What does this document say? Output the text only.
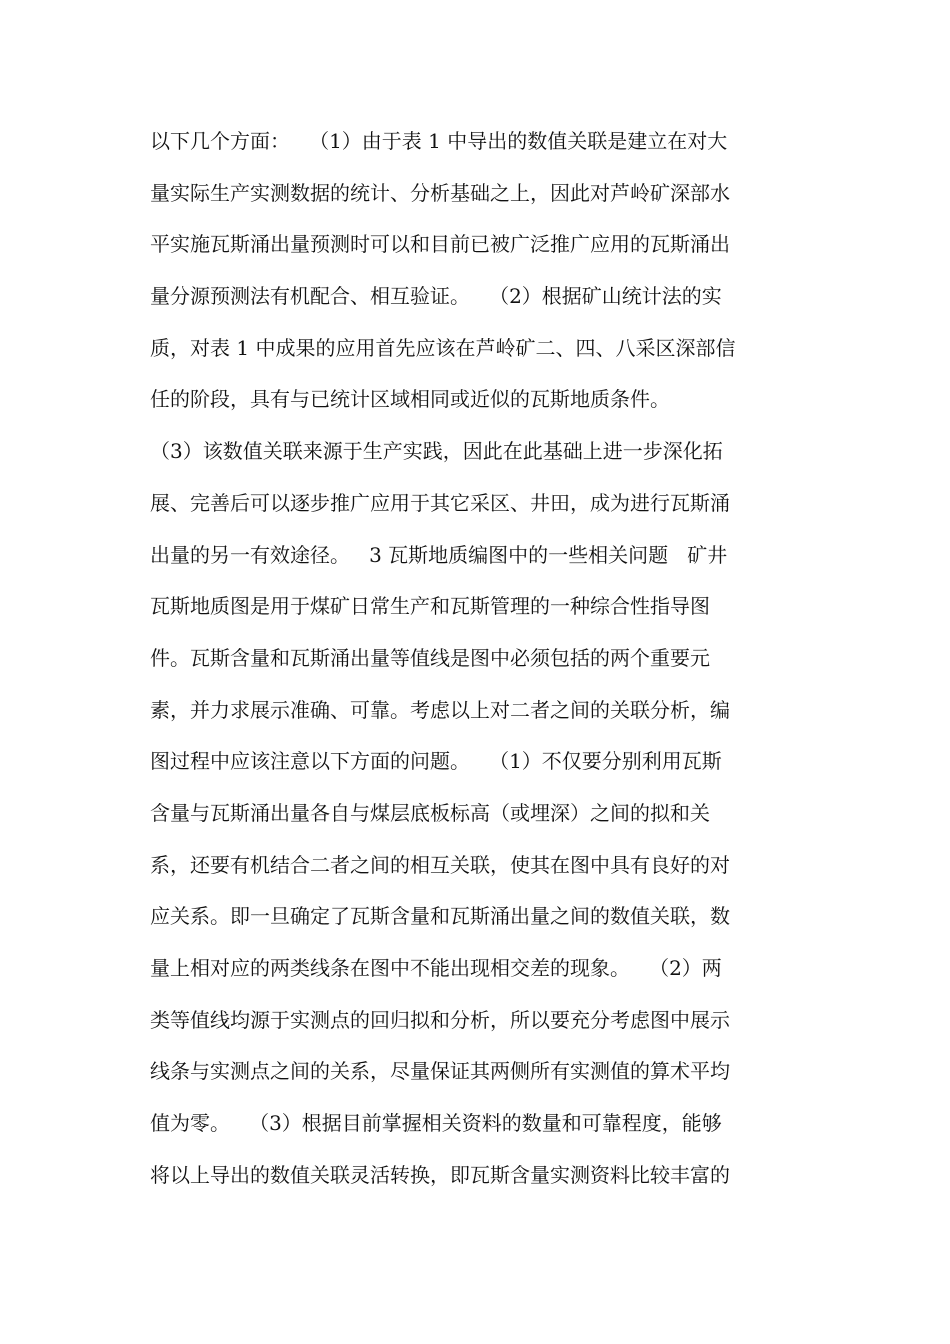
以下几个方面：   （1）由于表 1 中导出的数值关联是建立在对大
量实际生产实测数据的统计、分析基础之上，因此对芦岭矿深部水
平实施瓦斯涌出量预测时可以和目前已被广泛推广应用的瓦斯涌出
量分源预测法有机配合、相互验证。   （2）根据矿山统计法的实
质，对表 1 中成果的应用首先应该在芦岭矿二、四、八采区深部信
任的阶段，具有与已统计区域相同或近似的瓦斯地质条件。
（3）该数值关联来源于生产实践，因此在此基础上进一步深化拓
展、完善后可以逐步推广应用于其它采区、井田，成为进行瓦斯涌
出量的另一有效途径。   3 瓦斯地质编图中的一些相关问题   矿井
瓦斯地质图是用于煤矿日常生产和瓦斯管理的一种综合性指导图
件。瓦斯含量和瓦斯涌出量等值线是图中必须包括的两个重要元
素，并力求展示准确、可靠。考虑以上对二者之间的关联分析，编
图过程中应该注意以下方面的问题。   （1）不仅要分别利用瓦斯
含量与瓦斯涌出量各自与煤层底板标高（或埋深）之间的拟和关
系，还要有机结合二者之间的相互关联，使其在图中具有良好的对
应关系。即一旦确定了瓦斯含量和瓦斯涌出量之间的数值关联，数
量上相对应的两类线条在图中不能出现相交差的现象。   （2）两
类等值线均源于实测点的回归拟和分析，所以要充分考虑图中展示
线条与实测点之间的关系，尽量保证其两侧所有实测值的算术平均
值为零。   （3）根据目前掌握相关资料的数量和可靠程度，能够
将以上导出的数值关联灵活转换，即瓦斯含量实测资料比较丰富的
